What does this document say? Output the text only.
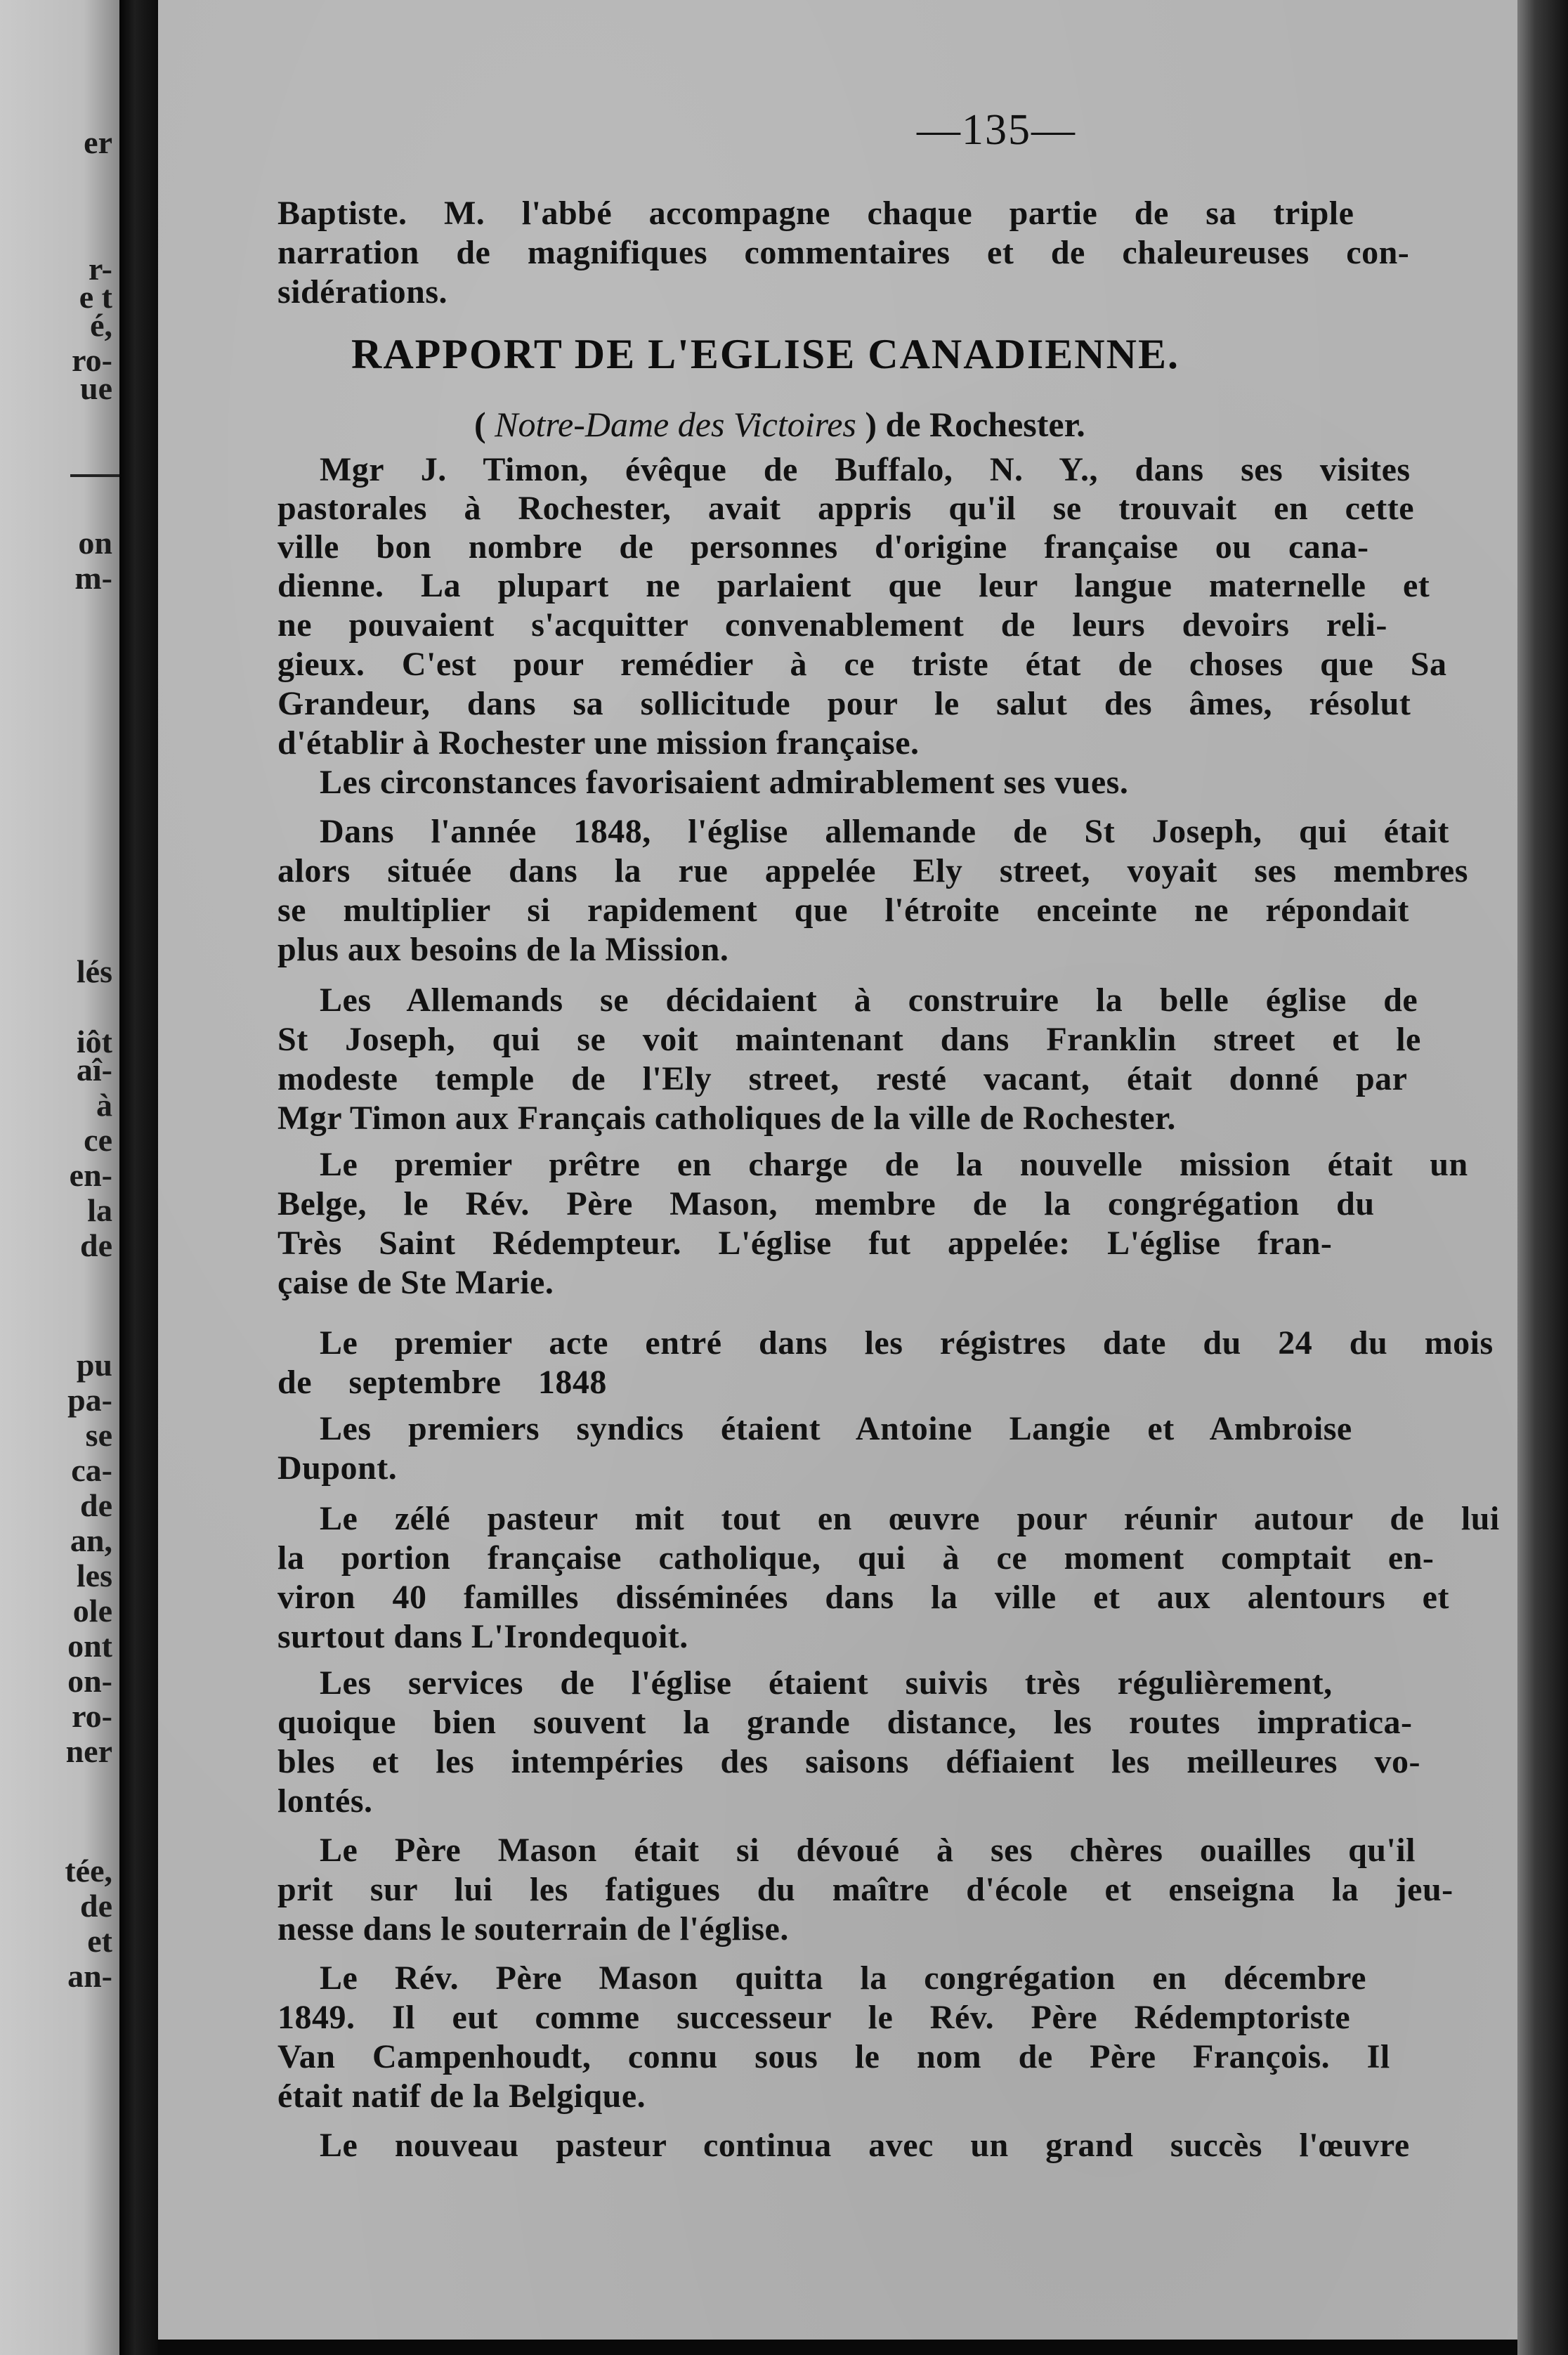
er
r-
e t
é,
ro-
ue
on
m-
lés
iôt
aî-
à
ce
en-
la
de
pu
pa-
se
ca-
de
an,
les
ole
ont
on-
ro-
ner
tée,
de
et
an-
—135—
RAPPORT DE L'EGLISE CANADIENNE.
( Notre-Dame des Victoires ) de Rochester.
Baptiste. M. l'abbé accompagne chaque partie de sa triple
narration de magnifiques commentaires et de chaleureuses con-
sidérations.
Mgr J. Timon, évêque de Buffalo, N. Y., dans ses visites
pastorales à Rochester, avait appris qu'il se trouvait en cette
ville bon nombre de personnes d'origine française ou cana-
dienne. La plupart ne parlaient que leur langue maternelle et
ne pouvaient s'acquitter convenablement de leurs devoirs reli-
gieux. C'est pour remédier à ce triste état de choses que Sa
Grandeur, dans sa sollicitude pour le salut des âmes, résolut
d'établir à Rochester une mission française.
Les circonstances favorisaient admirablement ses vues.
Dans l'année 1848, l'église allemande de St Joseph, qui était
alors située dans la rue appelée Ely street, voyait ses membres
se multiplier si rapidement que l'étroite enceinte ne répondait
plus aux besoins de la Mission.
Les Allemands se décidaient à construire la belle église de
St Joseph, qui se voit maintenant dans Franklin street et le
modeste temple de l'Ely street, resté vacant, était donné par
Mgr Timon aux Français catholiques de la ville de Rochester.
Le premier prêtre en charge de la nouvelle mission était un
Belge, le Rév. Père Mason, membre de la congrégation du
Très Saint Rédempteur. L'église fut appelée: L'église fran-
çaise de Ste Marie.
Le premier acte entré dans les régistres date du 24 du mois
de septembre 1848
Les premiers syndics étaient Antoine Langie et Ambroise
Dupont.
Le zélé pasteur mit tout en œuvre pour réunir autour de lui
la portion française catholique, qui à ce moment comptait en-
viron 40 familles disséminées dans la ville et aux alentours et
surtout dans L'Irondequoit.
Les services de l'église étaient suivis très régulièrement,
quoique bien souvent la grande distance, les routes impratica-
bles et les intempéries des saisons défiaient les meilleures vo-
lontés.
Le Père Mason était si dévoué à ses chères ouailles qu'il
prit sur lui les fatigues du maître d'école et enseigna la jeu-
nesse dans le souterrain de l'église.
Le Rév. Père Mason quitta la congrégation en décembre
1849. Il eut comme successeur le Rév. Père Rédemptoriste
Van Campenhoudt, connu sous le nom de Père François. Il
était natif de la Belgique.
Le nouveau pasteur continua avec un grand succès l'œuvre
